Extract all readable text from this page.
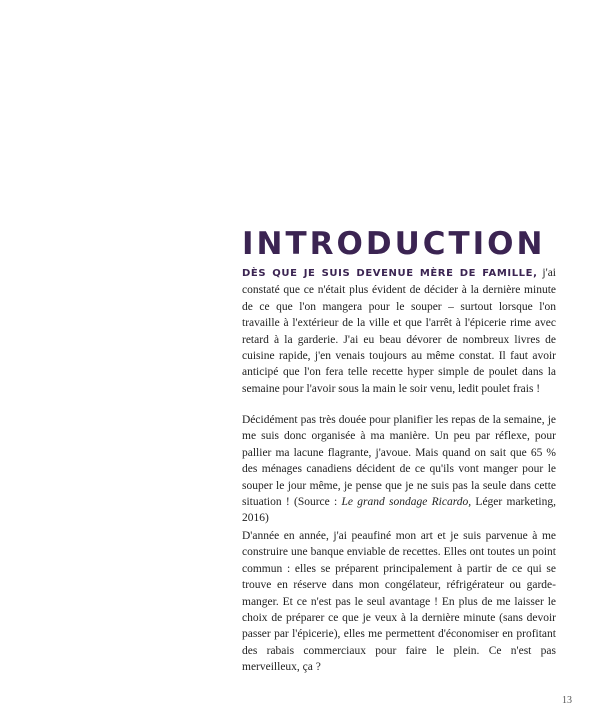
INTRODUCTION

DÈS QUE JE SUIS DEVENUE MÈRE DE FAMILLE, j'ai constaté que ce n'était plus évident de décider à la dernière minute de ce que l'on mangera pour le souper – surtout lorsque l'on travaille à l'extérieur de la ville et que l'arrêt à l'épicerie rime avec retard à la garderie. J'ai eu beau dévorer de nombreux livres de cuisine rapide, j'en venais toujours au même constat. Il faut avoir anticipé que l'on fera telle recette hyper simple de poulet dans la semaine pour l'avoir sous la main le soir venu, ledit poulet frais !

Décidément pas très douée pour planifier les repas de la semaine, je me suis donc organisée à ma manière. Un peu par réflexe, pour pallier ma lacune flagrante, j'avoue. Mais quand on sait que 65 % des ménages canadiens décident de ce qu'ils vont manger pour le souper le jour même, je pense que je ne suis pas la seule dans cette situation ! (Source : Le grand sondage Ricardo, Léger marketing, 2016)

D'année en année, j'ai peaufiné mon art et je suis parvenue à me construire une banque enviable de recettes. Elles ont toutes un point commun : elles se préparent principalement à partir de ce qui se trouve en réserve dans mon congélateur, réfrigérateur ou garde-manger. Et ce n'est pas le seul avantage ! En plus de me laisser le choix de préparer ce que je veux à la dernière minute (sans devoir passer par l'épicerie), elles me permettent d'économiser en profitant des rabais commerciaux pour faire le plein. Ce n'est pas merveilleux, ça ?

13
